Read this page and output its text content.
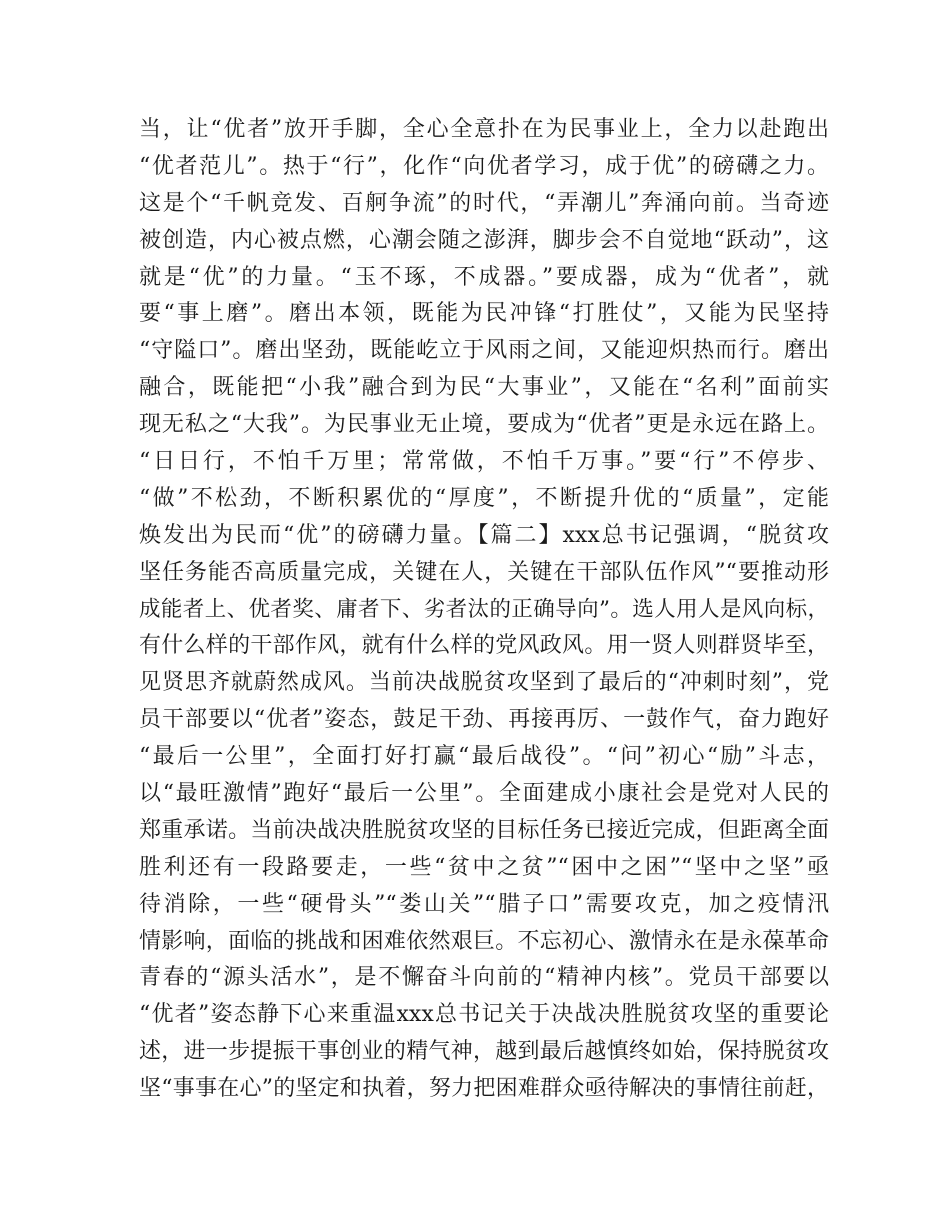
当，让“优者”放开手脚，全心全意扑在为民事业上，全力以赴跑出
“优者范儿”。热于“行”，化作“向优者学习，成于优”的磅礴之力。
这是个“千帆竞发、百舸争流”的时代，“弄潮儿”奔涌向前。当奇迹
被创造，内心被点燃，心潮会随之澎湃，脚步会不自觉地“跃动”，这
就是“优”的力量。“玉不琢，不成器。”要成器，成为“优者”，就
要“事上磨”。磨出本领，既能为民冲锋“打胜仗”，又能为民坚持
“守隘口”。磨出坚劲，既能屹立于风雨之间，又能迎炽热而行。磨出
融合，既能把“小我”融合到为民“大事业”，又能在“名利”面前实
现无私之“大我”。为民事业无止境，要成为“优者”更是永远在路上。
“日日行，不怕千万里；常常做，不怕千万事。”要“行”不停步、
“做”不松劲，不断积累优的“厚度”，不断提升优的“质量”，定能
焕发出为民而“优”的磅礴力量。【篇二】xxx总书记强调，“脱贫攻
坚任务能否高质量完成，关键在人，关键在干部队伍作风”“要推动形
成能者上、优者奖、庸者下、劣者汰的正确导向”。选人用人是风向标，
有什么样的干部作风，就有什么样的党风政风。用一贤人则群贤毕至，
见贤思齐就蔚然成风。当前决战脱贫攻坚到了最后的“冲刺时刻”，党
员干部要以“优者”姿态，鼓足干劲、再接再厉、一鼓作气，奋力跑好
“最后一公里”，全面打好打赢“最后战役”。“问”初心“励”斗志，
以“最旺激情”跑好“最后一公里”。全面建成小康社会是党对人民的
郑重承诺。当前决战决胜脱贫攻坚的目标任务已接近完成，但距离全面
胜利还有一段路要走，一些“贫中之贫”“困中之困”“坚中之坚”亟
待消除，一些“硬骨头”“娄山关”“腊子口”需要攻克，加之疫情汛
情影响，面临的挑战和困难依然艰巨。不忘初心、激情永在是永葆革命
青春的“源头活水”，是不懈奋斗向前的“精神内核”。党员干部要以
“优者”姿态静下心来重温xxx总书记关于决战决胜脱贫攻坚的重要论
述，进一步提振干事创业的精气神，越到最后越慎终如始，保持脱贫攻
坚“事事在心”的坚定和执着，努力把困难群众亟待解决的事情往前赶，
